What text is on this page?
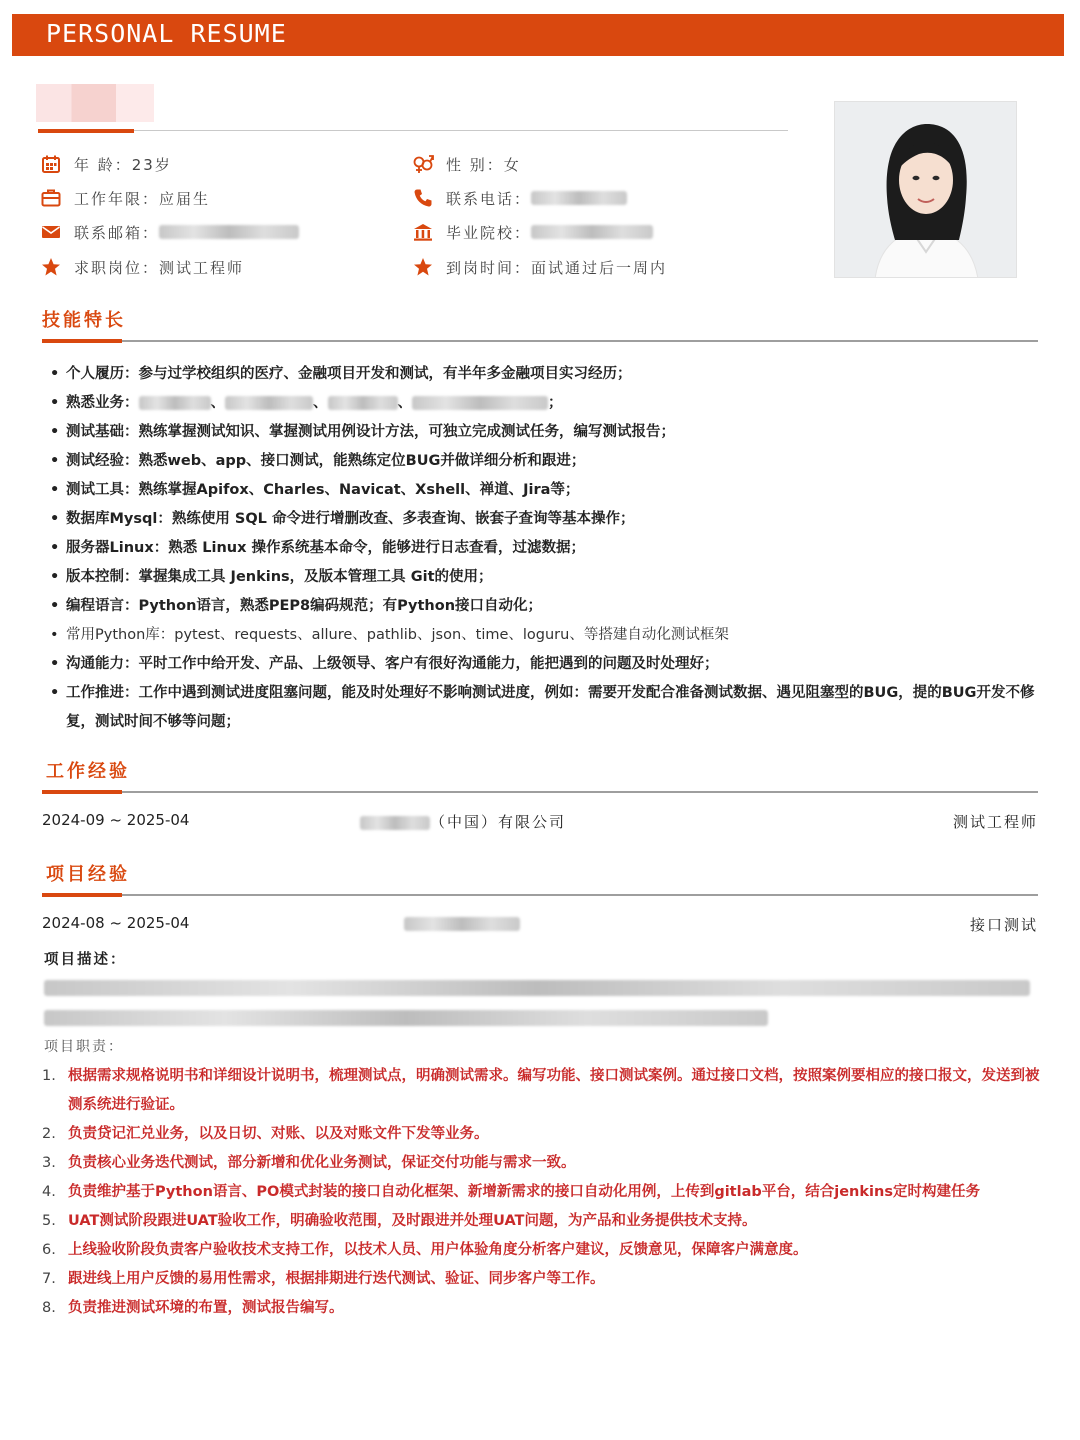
PERSONAL RESUME
年 龄：23岁	性 别：女
工作年限：应届生	联系电话：
联系邮箱：	毕业院校：
求职岗位：测试工程师	到岗时间：面试通过后一周内
技能特长
• 个人履历：参与过学校组织的医疗、金融项目开发和测试，有半年多金融项目实习经历；
• 熟悉业务：	、	、	、	；
• 测试基础：熟练掌握测试知识、掌握测试用例设计方法，可独立完成测试任务，编写测试报告；
• 测试经验：熟悉web、app、接口测试，能熟练定位BUG并做详细分析和跟进；
• 测试工具：熟练掌握Apifox、Charles、Navicat、Xshell、禅道、Jira等；
• 数据库Mysql：熟练使用 SQL 命令进行增删改查、多表查询、嵌套子查询等基本操作；
• 服务器Linux：熟悉 Linux 操作系统基本命令，能够进行日志查看，过滤数据；
• 版本控制：掌握集成工具 Jenkins，及版本管理工具 Git的使用；
• 编程语言：Python语言，熟悉PEP8编码规范；有Python接口自动化；
• 常用Python库：pytest、requests、allure、pathlib、json、time、loguru、等搭建自动化测试框架
• 沟通能力：平时工作中给开发、产品、上级领导、客户有很好沟通能力，能把遇到的问题及时处理好；
• 工作推进：工作中遇到测试进度阻塞问题，能及时处理好不影响测试进度，例如：需要开发配合准备测试数据、遇见阻塞型的BUG，提的BUG开发不修复，测试时间不够等问题；
工作经验
2024-09 ~ 2025-04	（中国）有限公司	测试工程师
项目经验
2024-08 ~ 2025-04	接口测试
项目描述：
项目职责：
1. 根据需求规格说明书和详细设计说明书，梳理测试点，明确测试需求。编写功能、接口测试案例。通过接口文档，按照案例要相应的接口报文，发送到被测系统进行验证。
2. 负责贷记汇兑业务，以及日切、对账、以及对账文件下发等业务。
3. 负责核心业务迭代测试，部分新增和优化业务测试，保证交付功能与需求一致。
4. 负责维护基于Python语言、PO模式封装的接口自动化框架、新增新需求的接口自动化用例，上传到gitlab平台，结合jenkins定时构建任务
5. UAT测试阶段跟进UAT验收工作，明确验收范围，及时跟进并处理UAT问题，为产品和业务提供技术支持。
6. 上线验收阶段负责客户验收技术支持工作，以技术人员、用户体验角度分析客户建议，反馈意见，保障客户满意度。
7. 跟进线上用户反馈的易用性需求，根据排期进行迭代测试、验证、同步客户等工作。
8. 负责推进测试环境的布置，测试报告编写。
